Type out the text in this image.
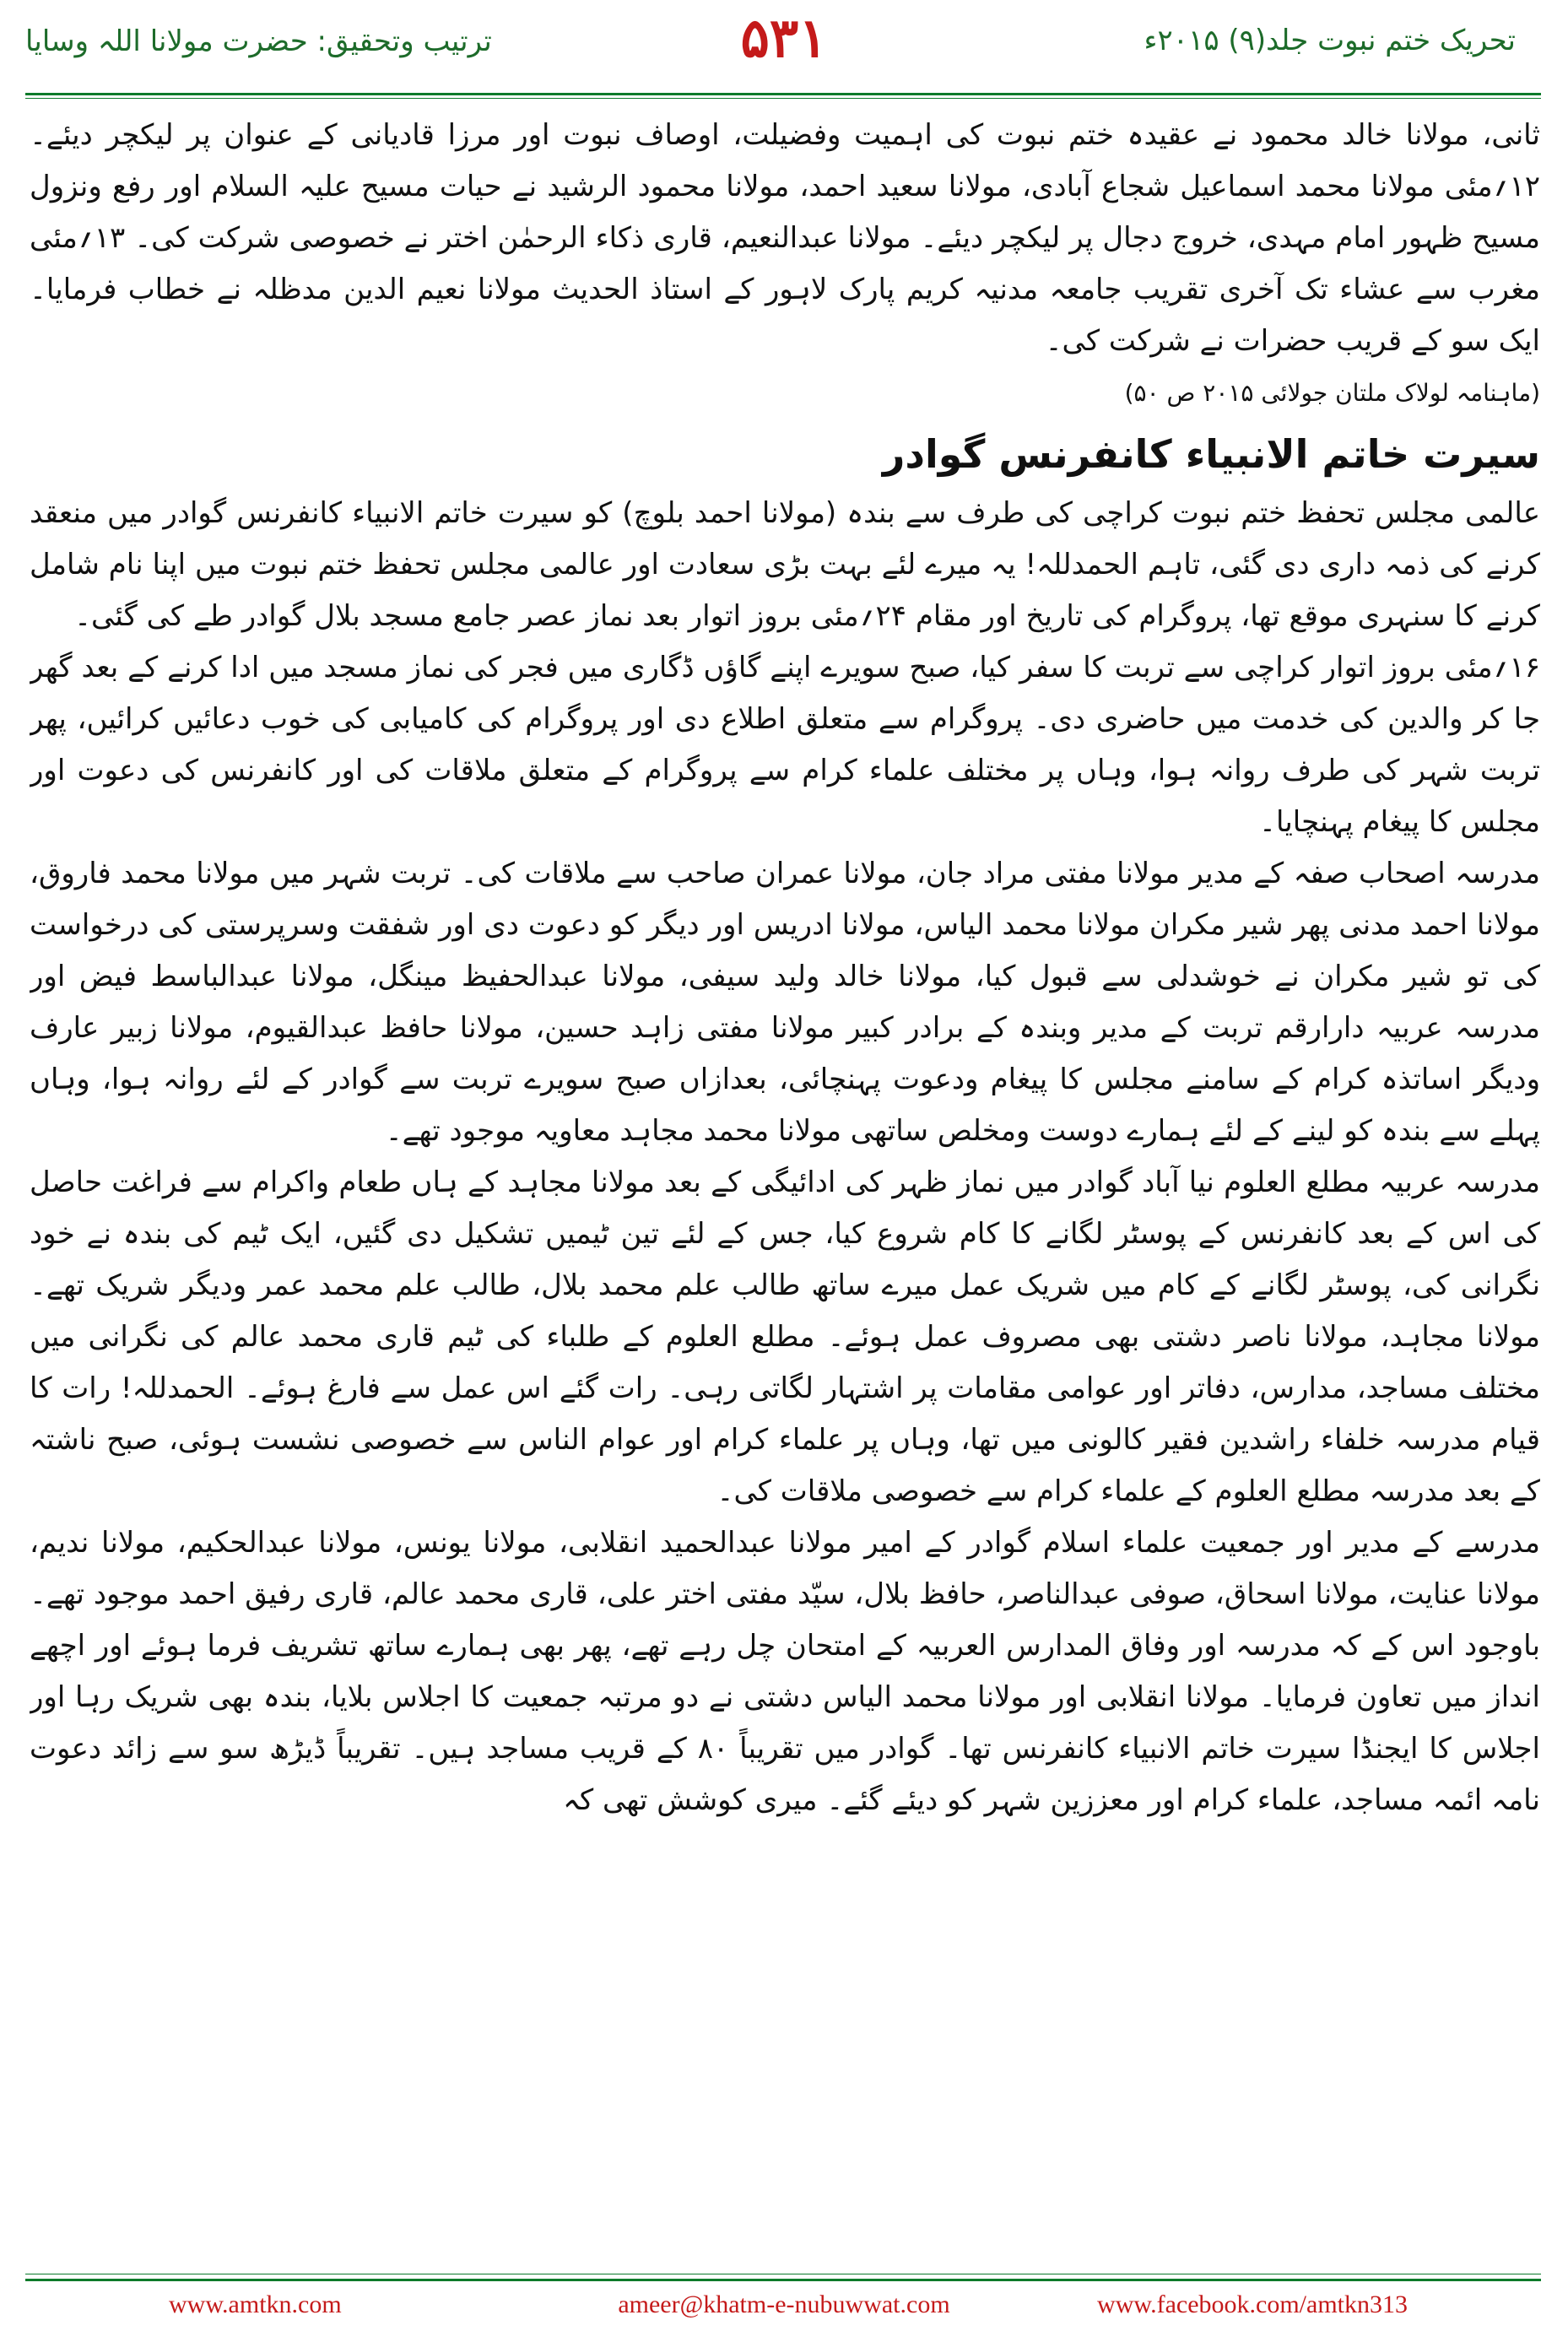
تحریک ختم نبوت جلد(۹) ۲۰۱۵ء
۵۳۱
ترتیب وتحقیق: حضرت مولانا اللہ وسایا

ثانی، مولانا خالد محمود نے عقیدہ ختم نبوت کی اہمیت وفضیلت، اوصاف نبوت اور مرزا قادیانی کے عنوان پر لیکچر دیئے۔ ۱۲؍مئی مولانا محمد اسماعیل شجاع آبادی، مولانا سعید احمد، مولانا محمود الرشید نے حیات مسیح علیہ السلام اور رفع ونزول مسیح ظہور امام مہدی، خروج دجال پر لیکچر دیئے۔ مولانا عبدالنعیم، قاری ذکاء الرحمٰن اختر نے خصوصی شرکت کی۔ ۱۳؍مئی مغرب سے عشاء تک آخری تقریب جامعہ مدنیہ کریم پارک لاہور کے استاذ الحدیث مولانا نعیم الدین مدظلہ نے خطاب فرمایا۔ ایک سو کے قریب حضرات نے شرکت کی۔

(ماہنامہ لولاک ملتان جولائی ۲۰۱۵ ص ۵۰)

سیرت خاتم الانبیاء کانفرنس گوادر

عالمی مجلس تحفظ ختم نبوت کراچی کی طرف سے بندہ (مولانا احمد بلوچ) کو سیرت خاتم الانبیاء کانفرنس گوادر میں منعقد کرنے کی ذمہ داری دی گئی، تاہم الحمدللہ! یہ میرے لئے بہت بڑی سعادت اور عالمی مجلس تحفظ ختم نبوت میں اپنا نام شامل کرنے کا سنہری موقع تھا، پروگرام کی تاریخ اور مقام ۲۴؍مئی بروز اتوار بعد نماز عصر جامع مسجد بلال گوادر طے کی گئی۔

۱۶؍مئی بروز اتوار کراچی سے تربت کا سفر کیا، صبح سویرے اپنے گاؤں ڈگاری میں فجر کی نماز مسجد میں ادا کرنے کے بعد گھر جا کر والدین کی خدمت میں حاضری دی۔ پروگرام سے متعلق اطلاع دی اور پروگرام کی کامیابی کی خوب دعائیں کرائیں، پھر تربت شہر کی طرف روانہ ہوا، وہاں پر مختلف علماء کرام سے پروگرام کے متعلق ملاقات کی اور کانفرنس کی دعوت اور مجلس کا پیغام پہنچایا۔

مدرسہ اصحاب صفہ کے مدیر مولانا مفتی مراد جان، مولانا عمران صاحب سے ملاقات کی۔ تربت شہر میں مولانا محمد فاروق، مولانا احمد مدنی پھر شیر مکران مولانا محمد الیاس، مولانا ادریس اور دیگر کو دعوت دی اور شفقت وسرپرستی کی درخواست کی تو شیر مکران نے خوشدلی سے قبول کیا، مولانا خالد ولید سیفی، مولانا عبدالحفیظ مینگل، مولانا عبدالباسط فیض اور مدرسہ عربیہ دارارقم تربت کے مدیر وبندہ کے برادر کبیر مولانا مفتی زاہد حسین، مولانا حافظ عبدالقیوم، مولانا زبیر عارف ودیگر اساتذہ کرام کے سامنے مجلس کا پیغام ودعوت پہنچائی، بعدازاں صبح سویرے تربت سے گوادر کے لئے روانہ ہوا، وہاں پہلے سے بندہ کو لینے کے لئے ہمارے دوست ومخلص ساتھی مولانا محمد مجاہد معاویہ موجود تھے۔

مدرسہ عربیہ مطلع العلوم نیا آباد گوادر میں نماز ظہر کی ادائیگی کے بعد مولانا مجاہد کے ہاں طعام واکرام سے فراغت حاصل کی اس کے بعد کانفرنس کے پوسٹر لگانے کا کام شروع کیا، جس کے لئے تین ٹیمیں تشکیل دی گئیں، ایک ٹیم کی بندہ نے خود نگرانی کی، پوسٹر لگانے کے کام میں شریک عمل میرے ساتھ طالب علم محمد بلال، طالب علم محمد عمر ودیگر شریک تھے۔ مولانا مجاہد، مولانا ناصر دشتی بھی مصروف عمل ہوئے۔ مطلع العلوم کے طلباء کی ٹیم قاری محمد عالم کی نگرانی میں مختلف مساجد، مدارس، دفاتر اور عوامی مقامات پر اشتہار لگاتی رہی۔ رات گئے اس عمل سے فارغ ہوئے۔ الحمدللہ! رات کا قیام مدرسہ خلفاء راشدین فقیر کالونی میں تھا، وہاں پر علماء کرام اور عوام الناس سے خصوصی نشست ہوئی، صبح ناشتہ کے بعد مدرسہ مطلع العلوم کے علماء کرام سے خصوصی ملاقات کی۔

مدرسے کے مدیر اور جمعیت علماء اسلام گوادر کے امیر مولانا عبدالحمید انقلابی، مولانا یونس، مولانا عبدالحکیم، مولانا ندیم، مولانا عنایت، مولانا اسحاق، صوفی عبدالناصر، حافظ بلال، سیّد مفتی اختر علی، قاری محمد عالم، قاری رفیق احمد موجود تھے۔ باوجود اس کے کہ مدرسہ اور وفاق المدارس العربیہ کے امتحان چل رہے تھے، پھر بھی ہمارے ساتھ تشریف فرما ہوئے اور اچھے انداز میں تعاون فرمایا۔ مولانا انقلابی اور مولانا محمد الیاس دشتی نے دو مرتبہ جمعیت کا اجلاس بلایا، بندہ بھی شریک رہا اور اجلاس کا ایجنڈا سیرت خاتم الانبیاء کانفرنس تھا۔ گوادر میں تقریباً ۸۰ کے قریب مساجد ہیں۔ تقریباً ڈیڑھ سو سے زائد دعوت نامہ ائمہ مساجد، علماء کرام اور معززین شہر کو دیئے گئے۔ میری کوشش تھی کہ

www.amtkn.com	ameer@khatm-e-nubuwwat.com	www.facebook.com/amtkn313
